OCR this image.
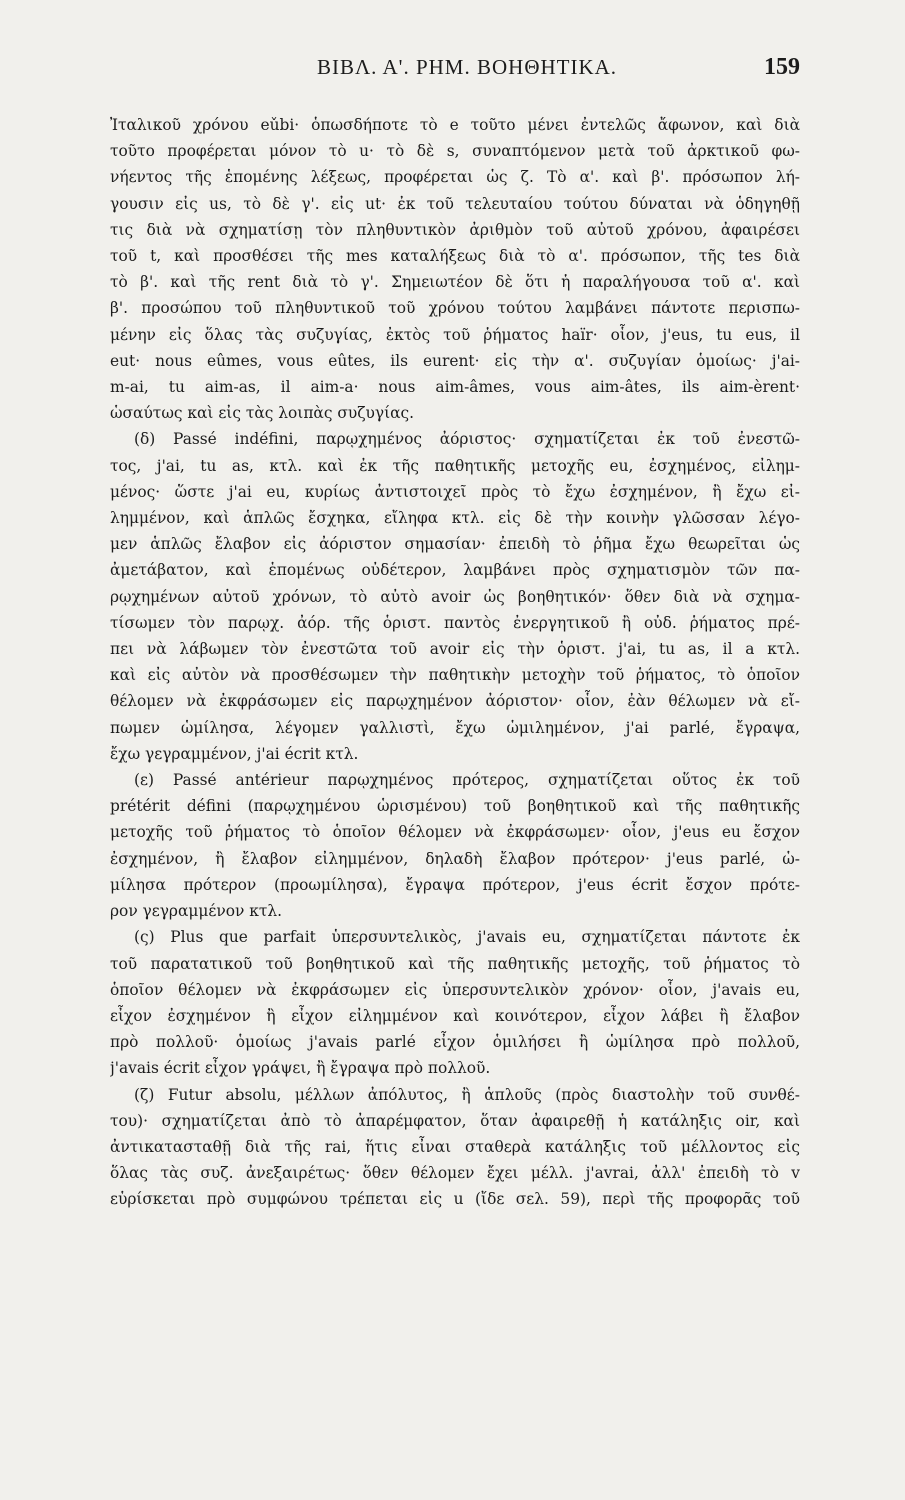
ΒΙΒΛ. Α'. ΡΗΜ. ΒΟΗΘΗΤΙΚΑ.	159
Ἰταλικοῦ χρόνου eǔbi· ὁπωσδήποτε τὸ e τοῦτο μένει ἐντελῶς ἄφωνον, καὶ διὰ
τοῦτο προφέρεται μόνον τὸ u· τὸ δὲ s, συναπτόμενον μετὰ τοῦ ἀρκτικοῦ φω-
νήεντος τῆς ἑπομένης λέξεως, προφέρεται ὡς ζ. Τὸ α'. καὶ β'. πρόσωπον λή-
γουσιν εἰς us, τὸ δὲ γ'. εἰς ut· ἐκ τοῦ τελευταίου τούτου δύναται νὰ ὁδηγηθῇ
τις διὰ νὰ σχηματίσῃ τὸν πληθυντικὸν ἀριθμὸν τοῦ αὐτοῦ χρόνου, ἀφαιρέσει
τοῦ t, καὶ προσθέσει τῆς mes καταλήξεως διὰ τὸ α'. πρόσωπον, τῆς tes διὰ
τὸ β'. καὶ τῆς rent διὰ τὸ γ'. Σημειωτέον δὲ ὅτι ἡ παραλήγουσα τοῦ α'. καὶ
β'. προσώπου τοῦ πληθυντικοῦ τοῦ χρόνου τούτου λαμβάνει πάντοτε περισπω-
μένην εἰς ὅλας τὰς συζυγίας, ἐκτὸς τοῦ ῥήματος haïr· οἷον, j'eus, tu eus, il
eut· nous eûmes, vous eûtes, ils eurent· εἰς τὴν α'. συζυγίαν ὁμοίως· j'ai-
m-ai, tu aim-as, il aim-a· nous aim-âmes, vous aim-âtes, ils aim-èrent·
ὡσαύτως καὶ εἰς τὰς λοιπὰς συζυγίας.
(δ) Passé indéfini, παρῳχημένος ἀόριστος· σχηματίζεται ἐκ τοῦ ἐνεστῶ-
τος, j'ai, tu as, κτλ. καὶ ἐκ τῆς παθητικῆς μετοχῆς eu, ἐσχημένος, εἰλημ-
μένος· ὥστε j'ai eu, κυρίως ἀντιστοιχεῖ πρὸς τὸ ἔχω ἐσχημένον, ἢ ἔχω εἰ-
λημμένον, καὶ ἁπλῶς ἔσχηκα, εἴληφα κτλ. εἰς δὲ τὴν κοινὴν γλῶσσαν λέγο-
μεν ἁπλῶς ἔλαβον εἰς ἀόριστον σημασίαν· ἐπειδὴ τὸ ῥῆμα ἔχω θεωρεῖται ὡς
ἀμετάβατον, καὶ ἑπομένως οὐδέτερον, λαμβάνει πρὸς σχηματισμὸν τῶν πα-
ρῳχημένων αὐτοῦ χρόνων, τὸ αὐτὸ avoir ὡς βοηθητικόν· ὅθεν διὰ νὰ σχημα-
τίσωμεν τὸν παρῳχ. ἀόρ. τῆς ὁριστ. παντὸς ἐνεργητικοῦ ἢ οὐδ. ῥήματος πρέ-
πει νὰ λάβωμεν τὸν ἐνεστῶτα τοῦ avoir εἰς τὴν ὁριστ. j'ai, tu as, il a κτλ.
καὶ εἰς αὐτὸν νὰ προσθέσωμεν τὴν παθητικὴν μετοχὴν τοῦ ῥήματος, τὸ ὁποῖον
θέλομεν νὰ ἐκφράσωμεν εἰς παρῳχημένον ἀόριστον· οἷον, ἐὰν θέλωμεν νὰ εἴ-
πωμεν ὡμίλησα, λέγομεν γαλλιστὶ, ἔχω ὡμιλημένον, j'ai parlé, ἔγραψα,
ἔχω γεγραμμένον, j'ai écrit κτλ.
(ε) Passé antérieur παρῳχημένος πρότερος, σχηματίζεται οὕτος ἐκ τοῦ
prétérit défini (παρῳχημένου ὡρισμένου) τοῦ βοηθητικοῦ καὶ τῆς παθητικῆς
μετοχῆς τοῦ ῥήματος τὸ ὁποῖον θέλομεν νὰ ἐκφράσωμεν· οἷον, j'eus eu ἔσχον
ἐσχημένον, ἢ ἔλαβον εἰλημμένον, δηλαδὴ ἔλαβον πρότερον· j'eus parlé, ὡ-
μίλησα πρότερον (προωμίλησα), ἔγραψα πρότερον, j'eus écrit ἔσχον πρότε-
ρον γεγραμμένον κτλ.
(ς) Plus que parfait ὑπερσυντελικὸς, j'avais eu, σχηματίζεται πάντοτε ἐκ
τοῦ παρατατικοῦ τοῦ βοηθητικοῦ καὶ τῆς παθητικῆς μετοχῆς, τοῦ ῥήματος τὸ
ὁποῖον θέλομεν νὰ ἐκφράσωμεν εἰς ὑπερσυντελικὸν χρόνον· οἷον, j'avais eu,
εἶχον ἐσχημένον ἢ εἶχον εἰλημμένον καὶ κοινότερον, εἶχον λάβει ἢ ἔλαβον
πρὸ πολλοῦ· ὁμοίως j'avais parlé εἶχον ὁμιλήσει ἢ ὡμίλησα πρὸ πολλοῦ,
j'avais écrit εἶχον γράψει, ἢ ἔγραψα πρὸ πολλοῦ.
(ζ) Futur absolu, μέλλων ἀπόλυτος, ἢ ἁπλοῦς (πρὸς διαστολὴν τοῦ συνθέ-
του)· σχηματίζεται ἀπὸ τὸ ἀπαρέμφατον, ὅταν ἀφαιρεθῇ ἡ κατάληξις oir, καὶ
ἀντικατασταθῇ διὰ τῆς rai, ἥτις εἶναι σταθερὰ κατάληξις τοῦ μέλλοντος εἰς
ὅλας τὰς συζ. ἀνεξαιρέτως· ὅθεν θέλομεν ἔχει μέλλ. j'avrai, ἀλλ' ἐπειδὴ τὸ v
εὑρίσκεται πρὸ συμφώνου τρέπεται εἰς u (ἴδε σελ. 59), περὶ τῆς προφορᾶς τοῦ
